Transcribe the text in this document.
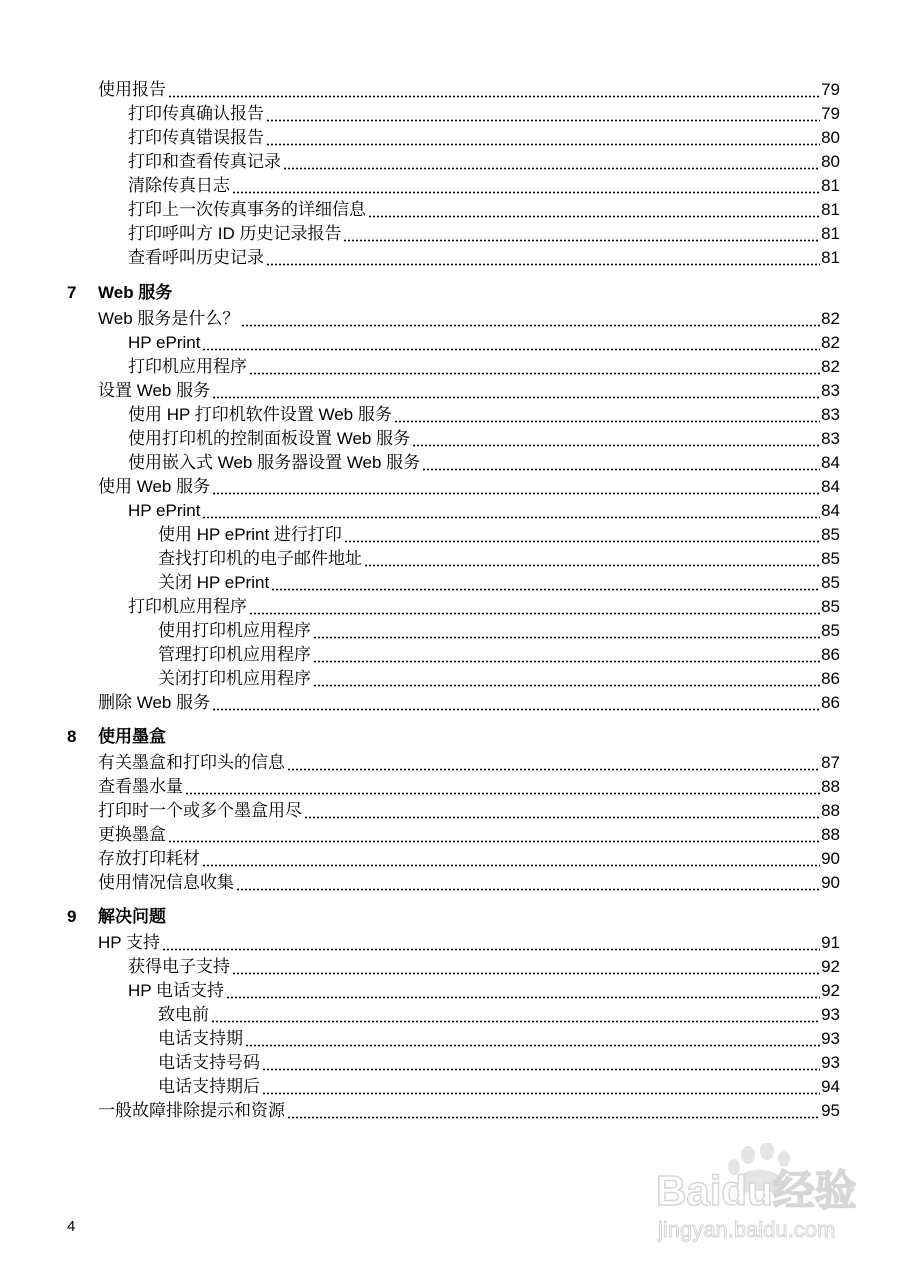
使用报告	79
打印传真确认报告	79
打印传真错误报告	80
打印和查看传真记录	80
清除传真日志	81
打印上一次传真事务的详细信息	81
打印呼叫方 ID 历史记录报告	81
查看呼叫历史记录	81
7 Web 服务
Web 服务是什么？	82
HP ePrint	82
打印机应用程序	82
设置 Web 服务	83
使用 HP 打印机软件设置 Web 服务	83
使用打印机的控制面板设置 Web 服务	83
使用嵌入式 Web 服务器设置 Web 服务	84
使用 Web 服务	84
HP ePrint	84
使用 HP ePrint 进行打印	85
查找打印机的电子邮件地址	85
关闭 HP ePrint	85
打印机应用程序	85
使用打印机应用程序	85
管理打印机应用程序	86
关闭打印机应用程序	86
删除 Web 服务	86
8 使用墨盒
有关墨盒和打印头的信息	87
查看墨水量	88
打印时一个或多个墨盒用尽	88
更换墨盒	88
存放打印耗材	90
使用情况信息收集	90
9 解决问题
HP 支持	91
获得电子支持	92
HP 电话支持	92
致电前	93
电话支持期	93
电话支持号码	93
电话支持期后	94
一般故障排除提示和资源	95
4
Baidu经验
jingyan.baidu.com
